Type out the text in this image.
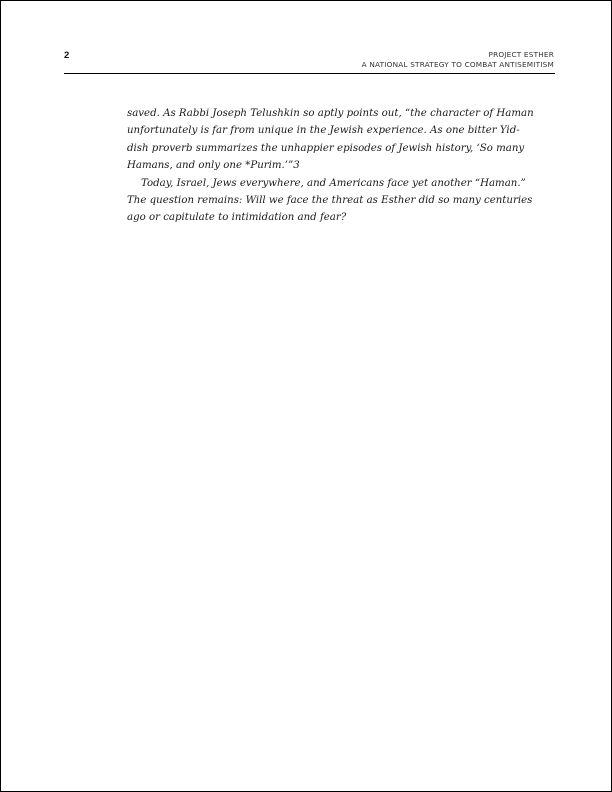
2	PROJECT ESTHER
A NATIONAL STRATEGY TO COMBAT ANTISEMITISM
saved. As Rabbi Joseph Telushkin so aptly points out, “the character of Haman
unfortunately is far from unique in the Jewish experience. As one bitter Yid-
dish proverb summarizes the unhappier episodes of Jewish history, ‘So many
Hamans, and only one *Purim.’”3
Today, Israel, Jews everywhere, and Americans face yet another “Haman.”
The question remains: Will we face the threat as Esther did so many centuries
ago or capitulate to intimidation and fear?
